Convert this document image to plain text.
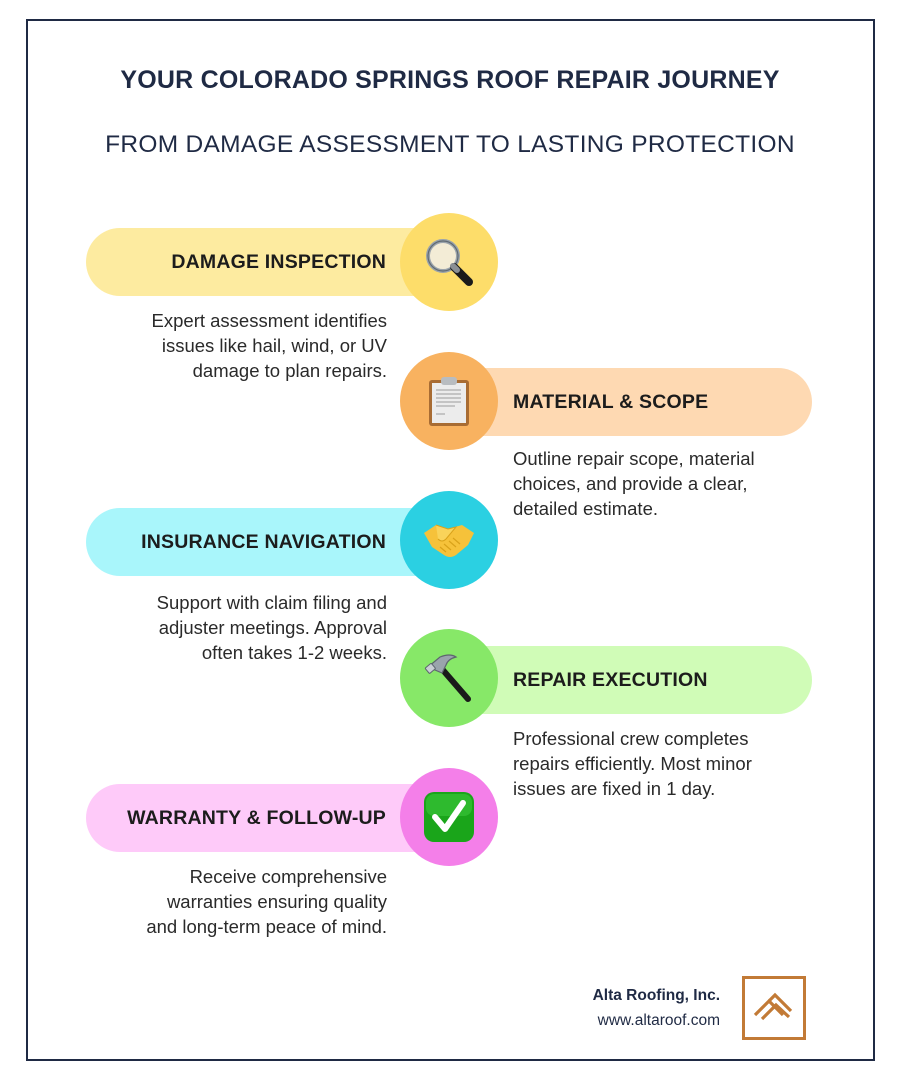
YOUR COLORADO SPRINGS ROOF REPAIR JOURNEY
FROM DAMAGE ASSESSMENT TO LASTING PROTECTION
DAMAGE INSPECTION
Expert assessment identifies
issues like hail, wind, or UV
damage to plan repairs.
MATERIAL & SCOPE
Outline repair scope, material
choices, and provide a clear,
detailed estimate.
INSURANCE NAVIGATION
Support with claim filing and
adjuster meetings. Approval
often takes 1-2 weeks.
REPAIR EXECUTION
Professional crew completes
repairs efficiently. Most minor
issues are fixed in 1 day.
WARRANTY & FOLLOW-UP
Receive comprehensive
warranties ensuring quality
and long-term peace of mind.
Alta Roofing, Inc.
www.altaroof.com
